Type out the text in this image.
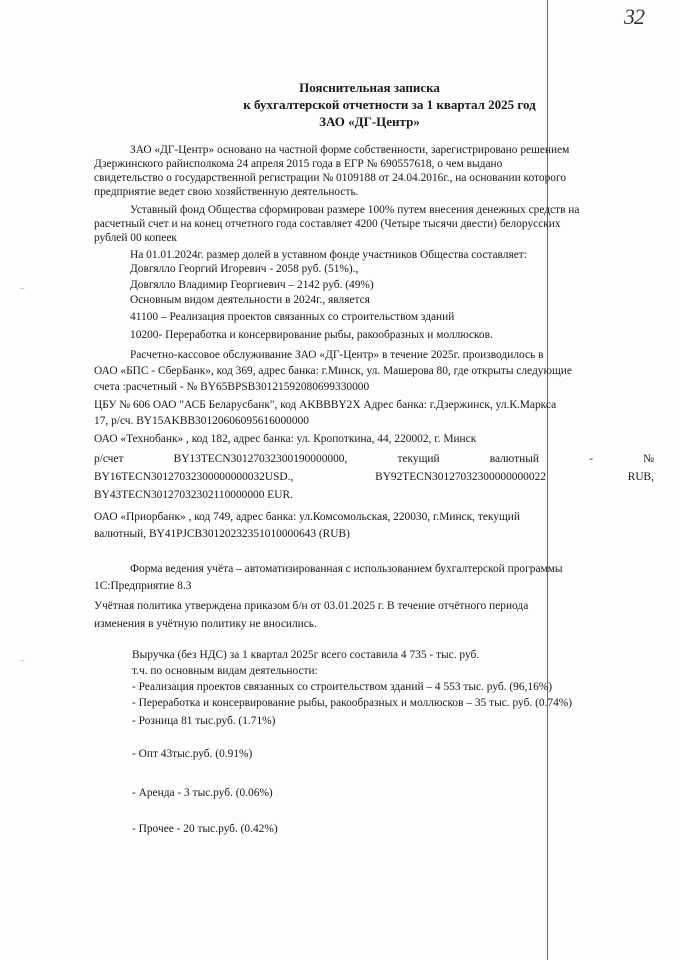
32
–
–
Пояснительная записка
к бухгалтерской отчетности за 1 квартал 2025 год
ЗАО «ДГ-Центр»
ЗАО «ДГ-Центр» основано на частной форме собственности, зарегистрировано решением
Дзержинского райисполкома 24 апреля 2015 года в ЕГР № 690557618, о чем выдано
свидетельство о государственной регистрации № 0109188 от 24.04.2016г., на основании которого
предприятие ведет свою хозяйственную деятельность.
Уставный фонд Общества сформирован размере 100% путем внесения денежных средств на
расчетный счет и на конец отчетного года составляет 4200 (Четыре тысячи двести) белорусских
рублей 00 копеек
На 01.01.2024г. размер долей в уставном фонде участников Общества составляет:
Довгялло Георгий Игоревич - 2058 руб. (51%).,
Довгялло Владимир Георгиевич – 2142 руб. (49%)
Основным видом деятельности в 2024г., является
41100 – Реализация проектов связанных со строительством зданий
10200- Переработка и консервирование рыбы, ракообразных и моллюсков.
Расчетно-кассовое обслуживание ЗАО «ДГ-Центр» в течение 2025г. производилось в
ОАО «БПС - СберБанк», код 369, адрес банка: г.Минск, ул. Машерова 80, где открыты следующие
счета :расчетный - № BY65BPSB30121592080699330000
ЦБУ № 606 ОАО "АСБ Беларусбанк", код AKBBBY2X Адрес банка: г.Дзержинск, ул.К.Маркса
17, р/сч. BY15AKBB30120606095616000000
ОАО «Технобанк» , код 182, адрес банка: ул. Кропоткина, 44, 220002, г. Минск
р/счет	BY13TECN30127032300190000000,	текущий	валютный	-	№
BY16TECN30127032300000000032USD.,	BY92TECN30127032300000000022	RUB,
BY43TECN30127032302110000000 EUR.
ОАО «Приорбанк» , код 749, адрес банка: ул.Комсомольская, 220030, г.Минск, текущий
валютный, BY41PJCB30120232351010000643 (RUB)
Форма ведения учёта – автоматизированная с использованием бухгалтерской программы
1С:Предприятие 8.3
Учётная политика утверждена приказом б/н от 03.01.2025 г. В течение отчётного периода
изменения в учётную политику не вносились.
Выручка (без НДС) за 1 квартал 2025г всего составила 4 735 - тыс. руб.
т.ч. по основным видам деятельности:
- Реализация проектов связанных со строительством зданий – 4 553 тыс. руб. (96,16%)
- Переработка и консервирование рыбы, ракообразных и моллюсков – 35 тыс. руб. (0.74%)
- Розница 81 тыс.руб. (1.71%)
- Опт 43тыс.руб. (0.91%)
- Аренда - 3 тыс.руб. (0.06%)
- Прочее - 20 тыс.руб. (0.42%)
